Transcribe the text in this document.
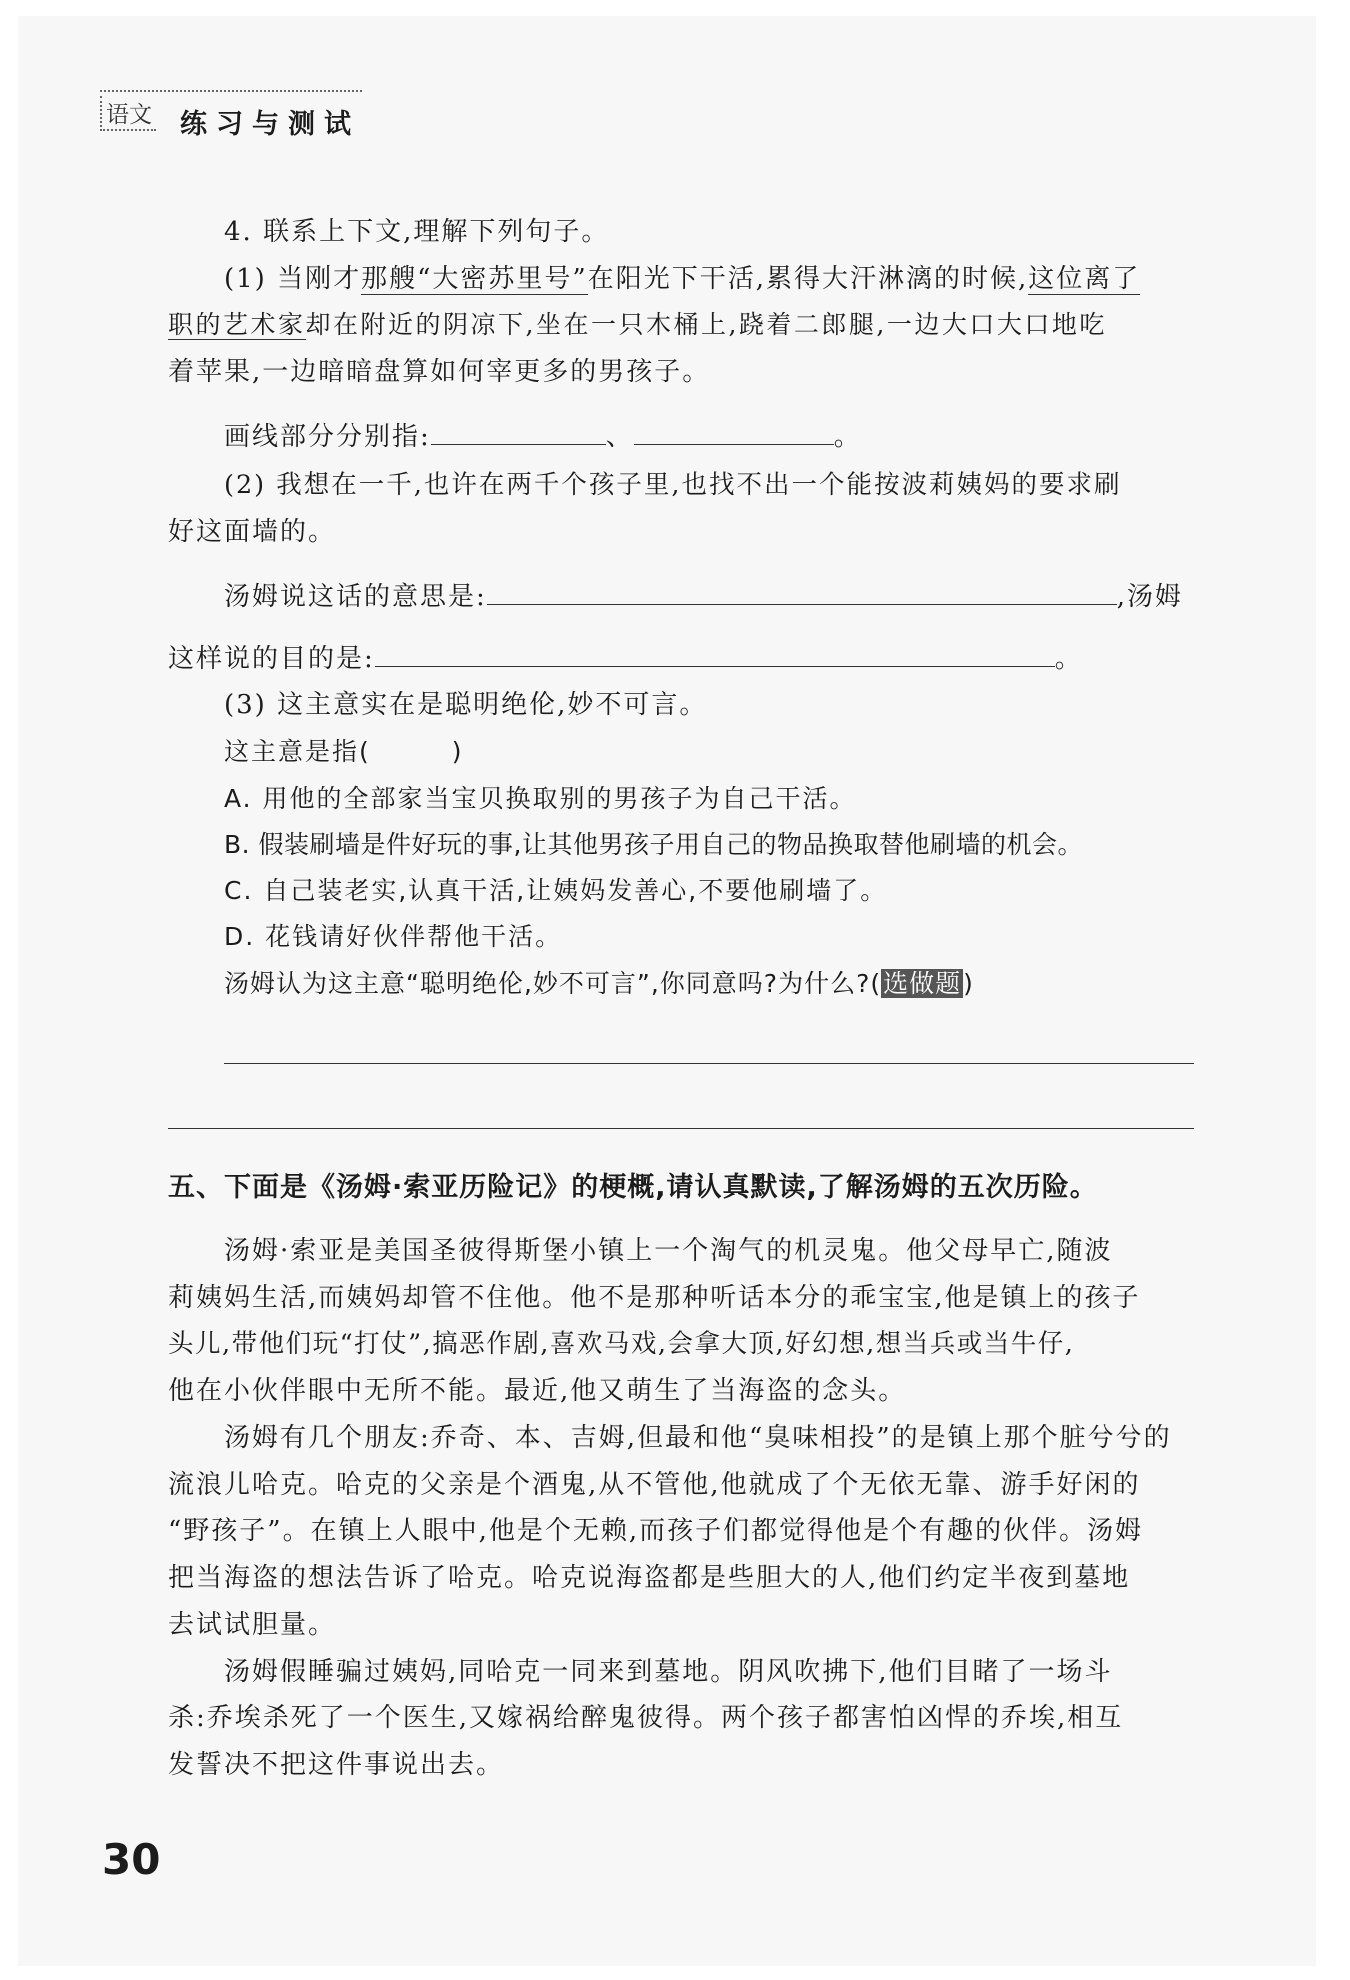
语文 练习与测试
4. 联系上下文,理解下列句子。
(1) 当刚才那艘“大密苏里号”在阳光下干活,累得大汗淋漓的时候,这位离了
职的艺术家却在附近的阴凉下,坐在一只木桶上,跷着二郎腿,一边大口大口地吃
着苹果,一边暗暗盘算如何宰更多的男孩子。
画线部分分别指:	、	。
(2) 我想在一千,也许在两千个孩子里,也找不出一个能按波莉姨妈的要求刷
好这面墙的。
汤姆说这话的意思是:	,汤姆
这样说的目的是:	。
(3) 这主意实在是聪明绝伦,妙不可言。
这主意是指(　　　)
A. 用他的全部家当宝贝换取别的男孩子为自己干活。
B. 假装刷墙是件好玩的事,让其他男孩子用自己的物品换取替他刷墙的机会。
C. 自己装老实,认真干活,让姨妈发善心,不要他刷墙了。
D. 花钱请好伙伴帮他干活。
汤姆认为这主意“聪明绝伦,妙不可言”,你同意吗?为什么?(选做题)
五、下面是《汤姆·索亚历险记》的梗概,请认真默读,了解汤姆的五次历险。
汤姆·索亚是美国圣彼得斯堡小镇上一个淘气的机灵鬼。他父母早亡,随波
莉姨妈生活,而姨妈却管不住他。他不是那种听话本分的乖宝宝,他是镇上的孩子
头儿,带他们玩“打仗”,搞恶作剧,喜欢马戏,会拿大顶,好幻想,想当兵或当牛仔,
他在小伙伴眼中无所不能。最近,他又萌生了当海盗的念头。
汤姆有几个朋友:乔奇、本、吉姆,但最和他“臭味相投”的是镇上那个脏兮兮的
流浪儿哈克。哈克的父亲是个酒鬼,从不管他,他就成了个无依无靠、游手好闲的
“野孩子”。在镇上人眼中,他是个无赖,而孩子们都觉得他是个有趣的伙伴。汤姆
把当海盗的想法告诉了哈克。哈克说海盗都是些胆大的人,他们约定半夜到墓地
去试试胆量。
汤姆假睡骗过姨妈,同哈克一同来到墓地。阴风吹拂下,他们目睹了一场斗
杀:乔埃杀死了一个医生,又嫁祸给醉鬼彼得。两个孩子都害怕凶悍的乔埃,相互
发誓决不把这件事说出去。
30
